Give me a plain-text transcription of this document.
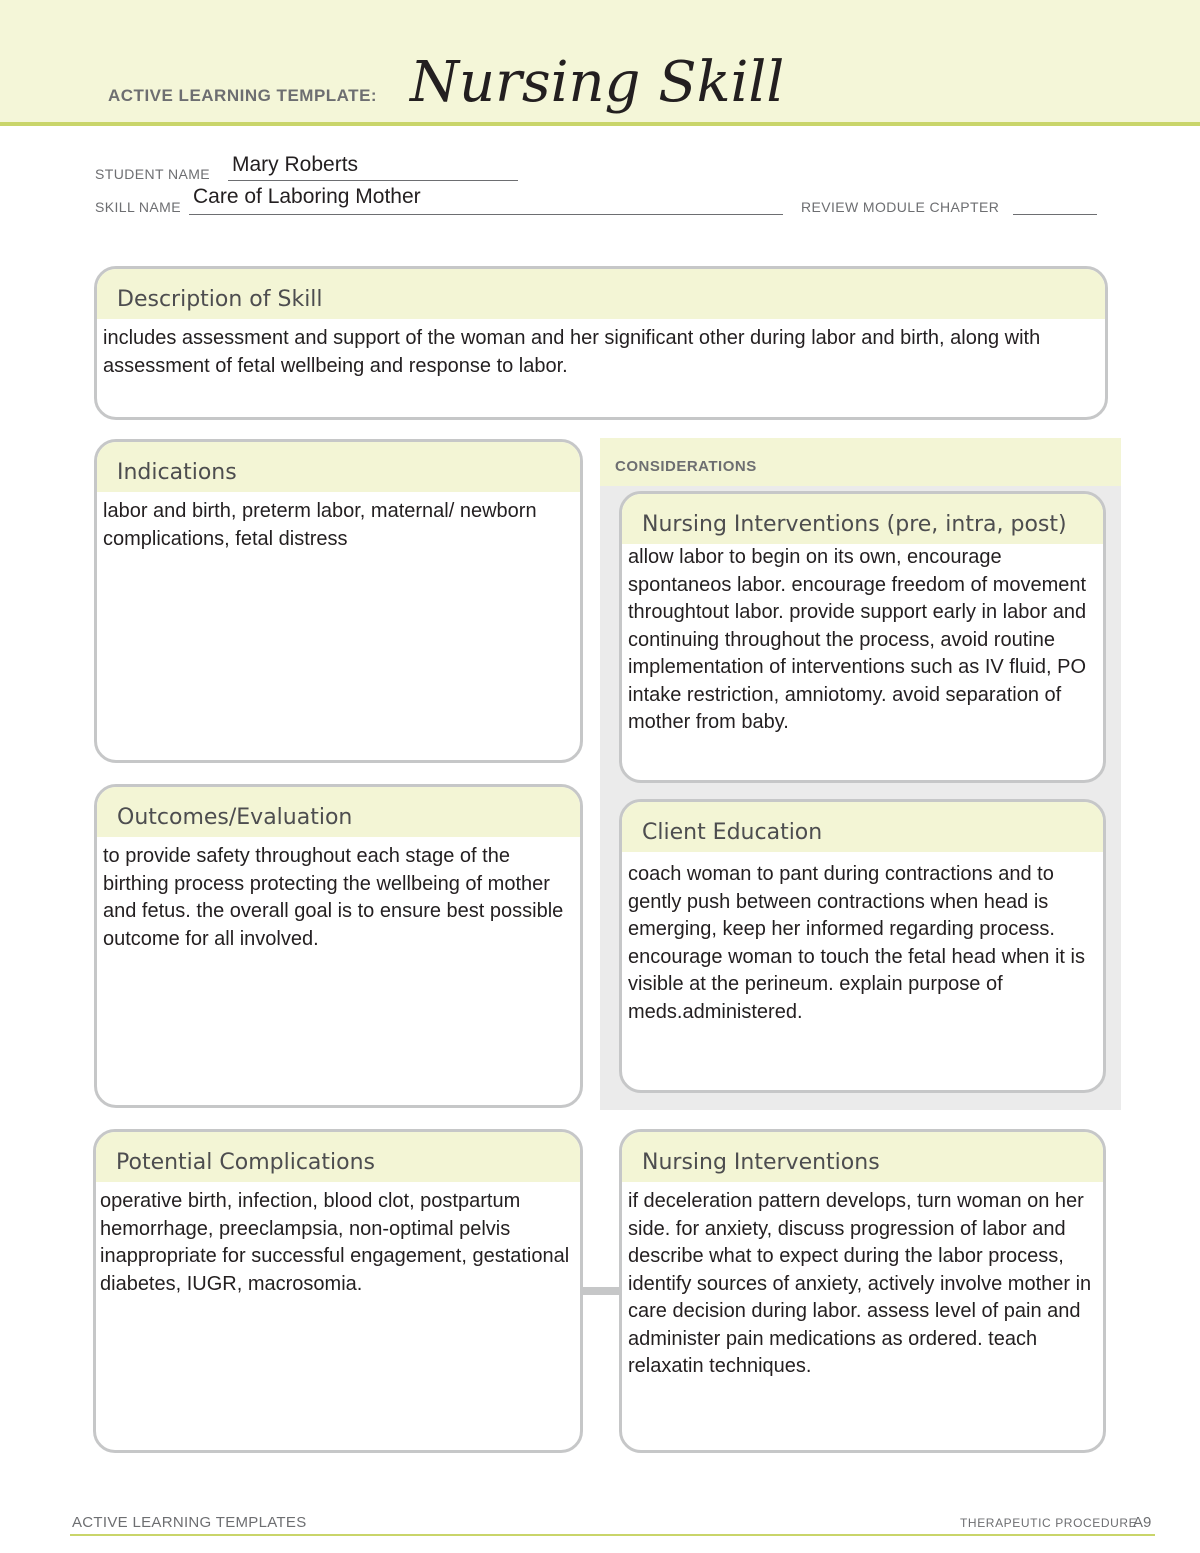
ACTIVE LEARNING TEMPLATE: Nursing Skill
STUDENT NAME Mary Roberts
SKILL NAME Care of Laboring Mother	REVIEW MODULE CHAPTER
Description of Skill
includes assessment and support of the woman and her significant other during labor and birth, along with assessment of fetal wellbeing and response to labor.
Indications
labor and birth, preterm labor, maternal/ newborn complications, fetal distress
CONSIDERATIONS
Nursing Interventions (pre, intra, post)
allow labor to begin on its own, encourage spontaneos labor. encourage freedom of movement throughtout labor. provide support early in labor and continuing throughout the process, avoid routine implementation of interventions such as IV fluid, PO intake restriction, amniotomy. avoid separation of mother from baby.
Client Education
coach woman to pant during contractions and to gently push between contractions when head is emerging, keep her informed regarding process. encourage woman to touch the fetal head when it is visible at the perineum. explain purpose of meds.administered.
Outcomes/Evaluation
to provide safety throughout each stage of the birthing process protecting the wellbeing of mother and fetus. the overall goal is to ensure best possible outcome for all involved.
Potential Complications
operative birth, infection, blood clot, postpartum hemorrhage, preeclampsia, non-optimal pelvis inappropriate for successful engagement, gestational diabetes, IUGR, macrosomia.
Nursing Interventions
if deceleration pattern develops, turn woman on her side. for anxiety, discuss progression of labor and describe what to expect during the labor process, identify sources of anxiety, actively involve mother in care decision during labor. assess level of pain and administer pain medications as ordered. teach relaxatin techniques.
ACTIVE LEARNING TEMPLATES	THERAPEUTIC PROCEDURE
A9
